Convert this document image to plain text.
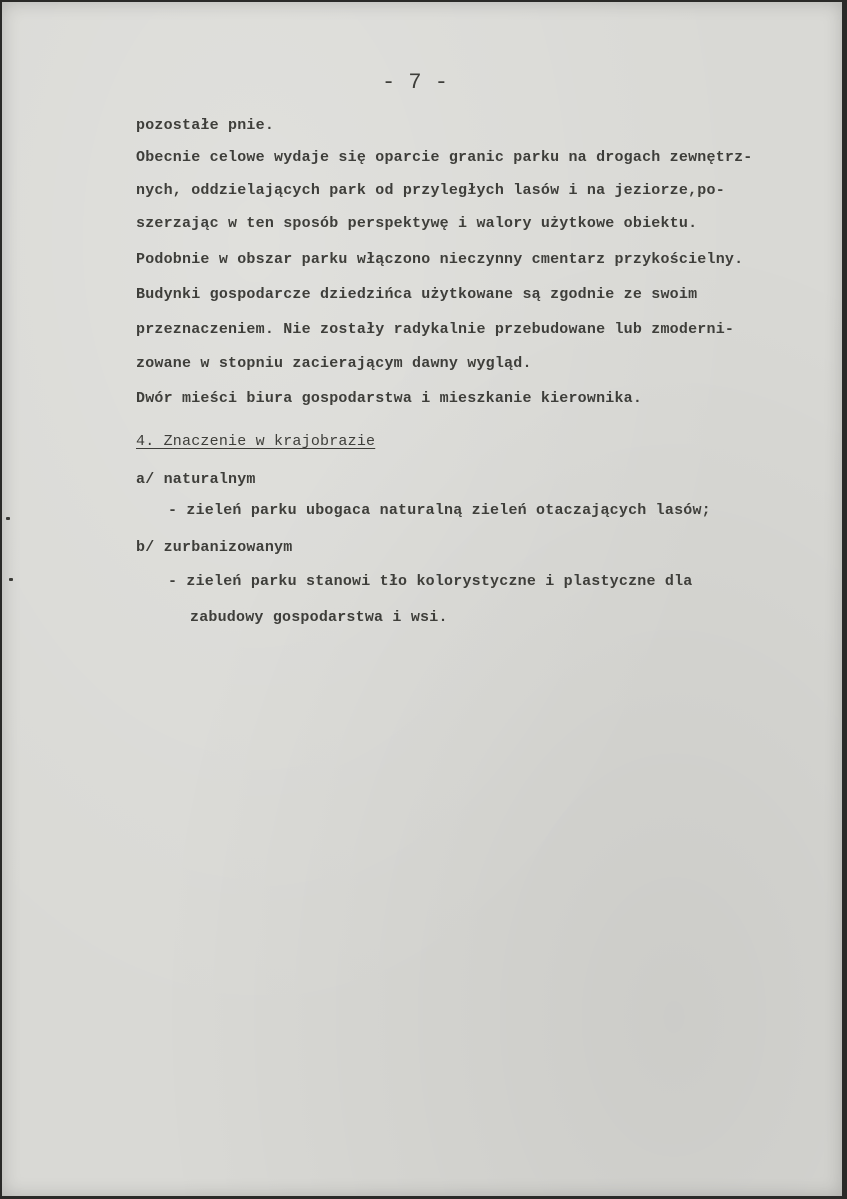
- 7 -

pozostałe pnie.

Obecnie celowe wydaje się oparcie granic parku na drogach zewnętrz-

nych, oddzielających park od przyległych lasów i na jeziorze,po-

szerzając w ten sposób perspektywę i walory użytkowe obiektu.

Podobnie w obszar parku włączono nieczynny cmentarz przykościelny.

Budynki gospodarcze dziedzińca użytkowane są zgodnie ze swoim

przeznaczeniem. Nie zostały radykalnie przebudowane lub zmoderni-

zowane w stopniu zacierającym dawny wygląd.

Dwór mieści biura gospodarstwa i mieszkanie kierownika.

4. Znaczenie w krajobrazie

a/ naturalnym

- zieleń parku ubogaca naturalną zieleń otaczających lasów;

b/ zurbanizowanym

- zieleń parku stanowi tło kolorystyczne i plastyczne dla

zabudowy gospodarstwa i wsi.
